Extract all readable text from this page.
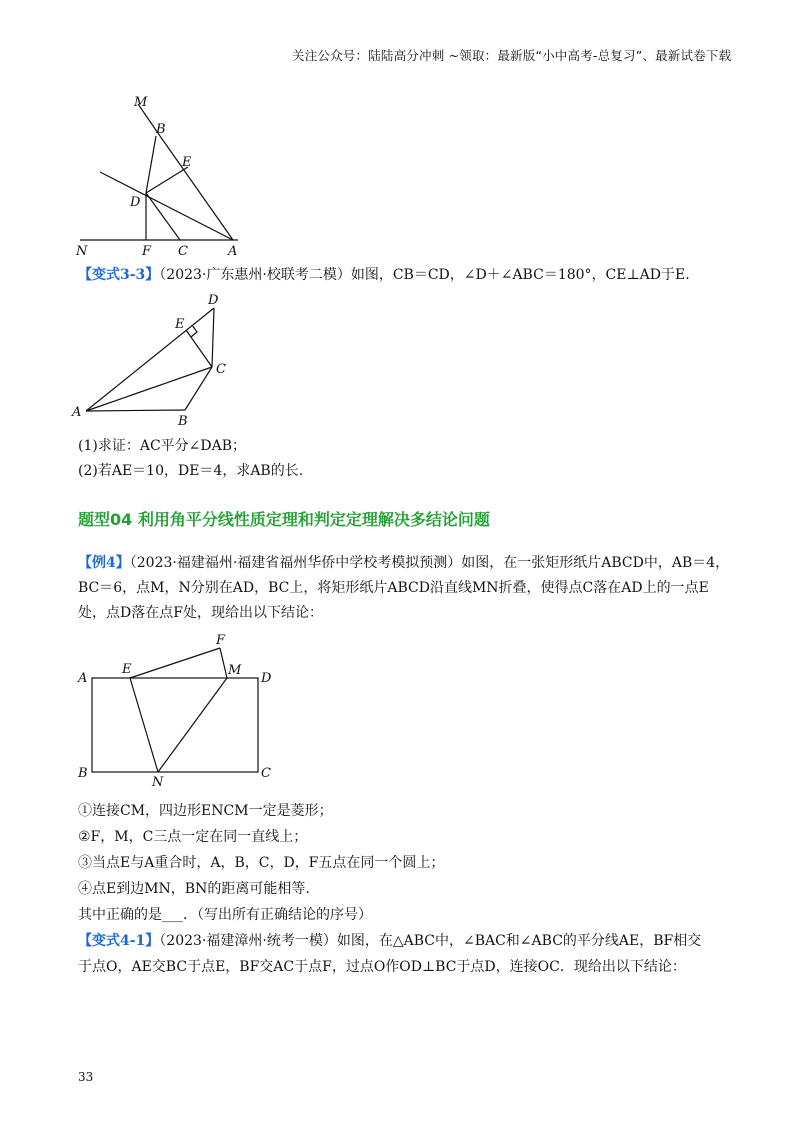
关注公众号：陆陆高分冲刺 ~领取：最新版“小中高考-总复习”、最新试卷下载
M
B
E
D
N	F C	A
【变式3-3】（2023·广东惠州·校联考二模）如图，CB＝CD，∠D＋∠ABC＝180°，CE⊥AD于E.
D
E
C
A
B
(1)求证：AC平分∠DAB；
(2)若AE＝10，DE＝4，求AB的长.
题型04 利用角平分线性质定理和判定定理解决多结论问题
【例4】（2023·福建福州·福建省福州华侨中学校考模拟预测）如图，在一张矩形纸片ABCD中，AB＝4，
BC＝6，点M，N分别在AD，BC上，将矩形纸片ABCD沿直线MN折叠，使得点C落在AD上的一点E
处，点D落在点F处，现给出以下结论：
F
A
E	M
D
B
N
C
①连接CM，四边形ENCM一定是菱形；
②F，M，C三点一定在同一直线上；
③当点E与A重合时，A，B，C，D，F五点在同一个圆上；
④点E到边MN，BN的距离可能相等.
其中正确的是___．（写出所有正确结论的序号）
【变式4-1】（2023·福建漳州·统考一模）如图，在△ABC中，∠BAC和∠ABC的平分线AE，BF相交
于点O，AE交BC于点E，BF交AC于点F，过点O作OD⊥BC于点D，连接OC．现给出以下结论：
33
